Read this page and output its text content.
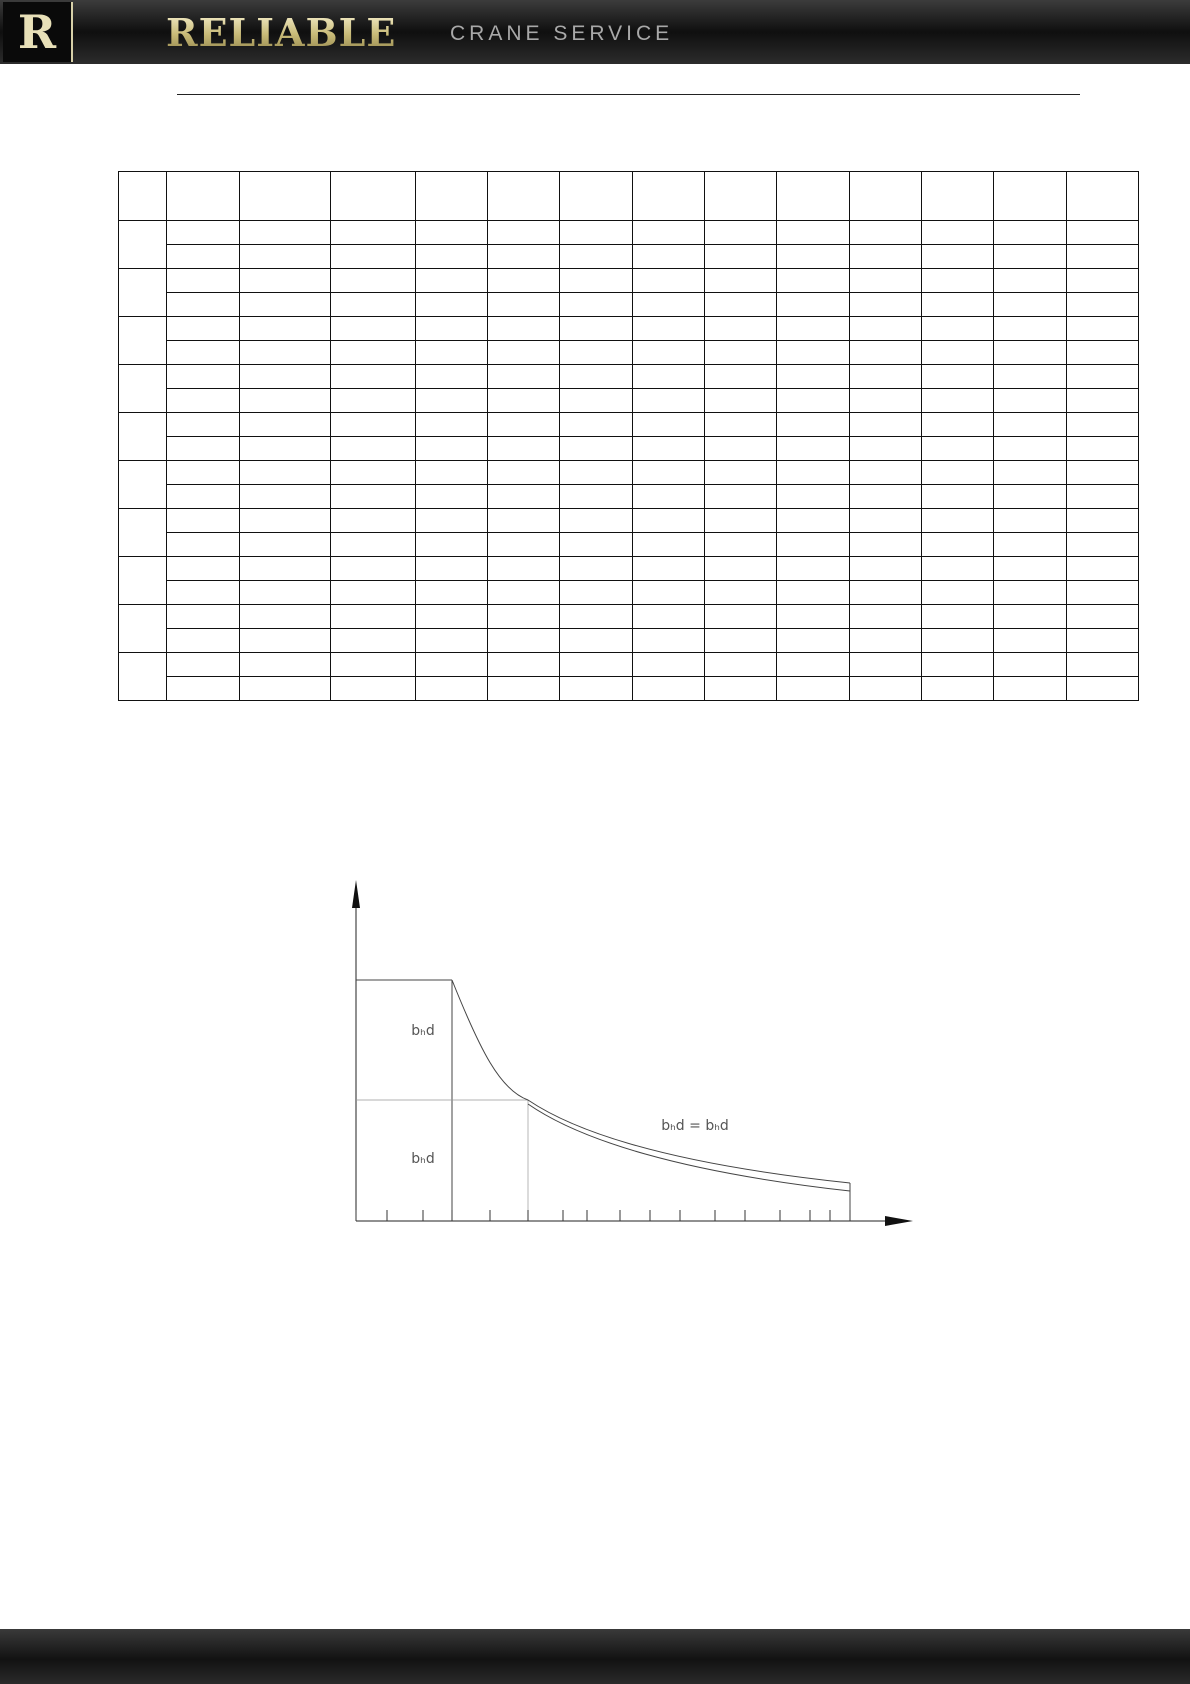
R	RELIABLE	CRANE SERVICE

bₕd
bₕd
bₕd = bₕd
